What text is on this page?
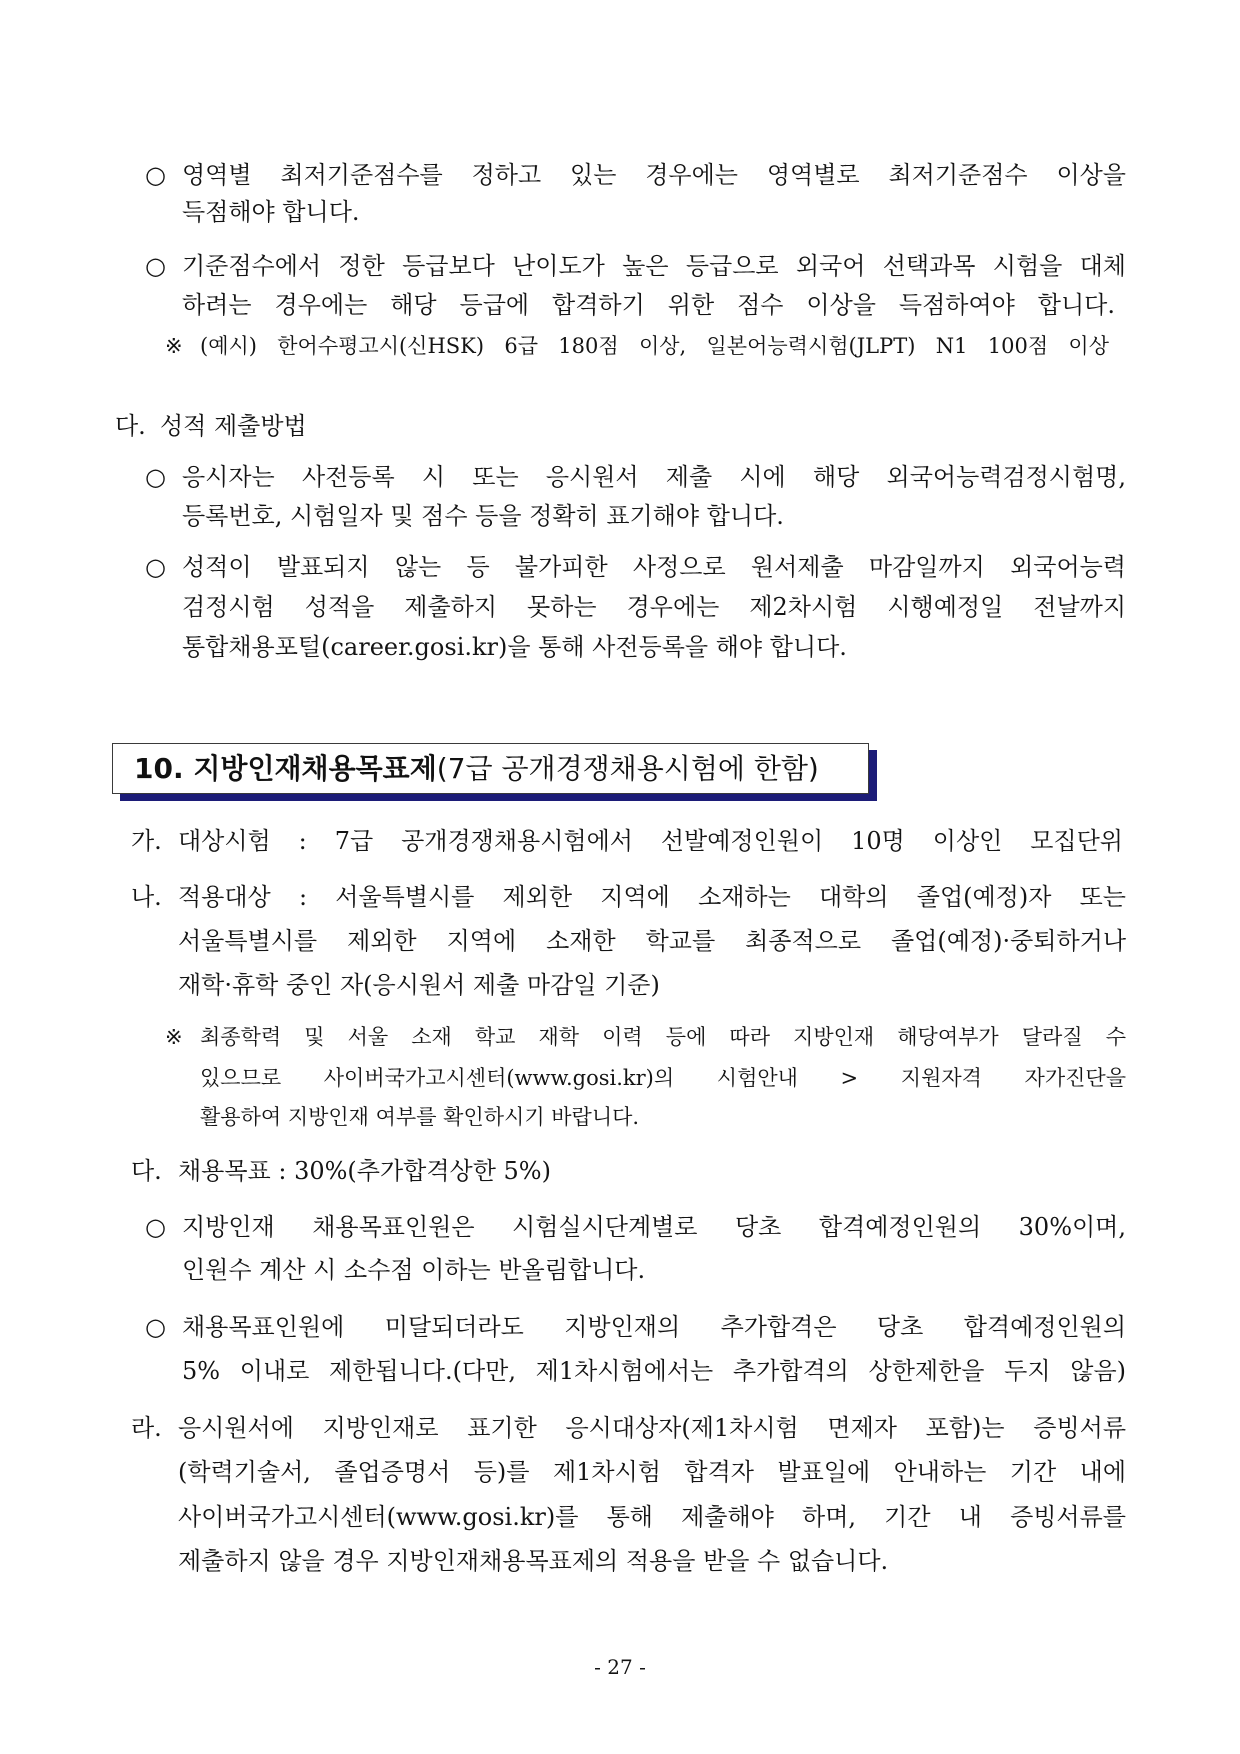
○ 영역별 최저기준점수를 정하고 있는 경우에는 영역별로 최저기준점수 이상을
득점해야 합니다.
○ 기준점수에서 정한 등급보다 난이도가 높은 등급으로 외국어 선택과목 시험을 대체
하려는 경우에는 해당 등급에 합격하기 위한 점수 이상을 득점하여야 합니다.
※ (예시) 한어수평고시(신HSK) 6급 180점 이상, 일본어능력시험(JLPT) N1 100점 이상
다. 성적 제출방법
○ 응시자는 사전등록 시 또는 응시원서 제출 시에 해당 외국어능력검정시험명,
등록번호, 시험일자 및 점수 등을 정확히 표기해야 합니다.
○ 성적이 발표되지 않는 등 불가피한 사정으로 원서제출 마감일까지 외국어능력
검정시험 성적을 제출하지 못하는 경우에는 제2차시험 시행예정일 전날까지
통합채용포털(career.gosi.kr)을 통해 사전등록을 해야 합니다.
10. 지방인재채용목표제(7급 공개경쟁채용시험에 한함)
가. 대상시험 : 7급 공개경쟁채용시험에서 선발예정인원이 10명 이상인 모집단위
나. 적용대상 : 서울특별시를 제외한 지역에 소재하는 대학의 졸업(예정)자 또는
서울특별시를 제외한 지역에 소재한 학교를 최종적으로 졸업(예정)·중퇴하거나
재학·휴학 중인 자(응시원서 제출 마감일 기준)
※ 최종학력 및 서울 소재 학교 재학 이력 등에 따라 지방인재 해당여부가 달라질 수
있으므로 사이버국가고시센터(www.gosi.kr)의 시험안내 > 지원자격 자가진단을
활용하여 지방인재 여부를 확인하시기 바랍니다.
다. 채용목표 : 30%(추가합격상한 5%)
○ 지방인재 채용목표인원은 시험실시단계별로 당초 합격예정인원의 30%이며,
인원수 계산 시 소수점 이하는 반올림합니다.
○ 채용목표인원에 미달되더라도 지방인재의 추가합격은 당초 합격예정인원의
5% 이내로 제한됩니다.(다만, 제1차시험에서는 추가합격의 상한제한을 두지 않음)
라. 응시원서에 지방인재로 표기한 응시대상자(제1차시험 면제자 포함)는 증빙서류
(학력기술서, 졸업증명서 등)를 제1차시험 합격자 발표일에 안내하는 기간 내에
사이버국가고시센터(www.gosi.kr)를 통해 제출해야 하며, 기간 내 증빙서류를
제출하지 않을 경우 지방인재채용목표제의 적용을 받을 수 없습니다.
- 27 -
